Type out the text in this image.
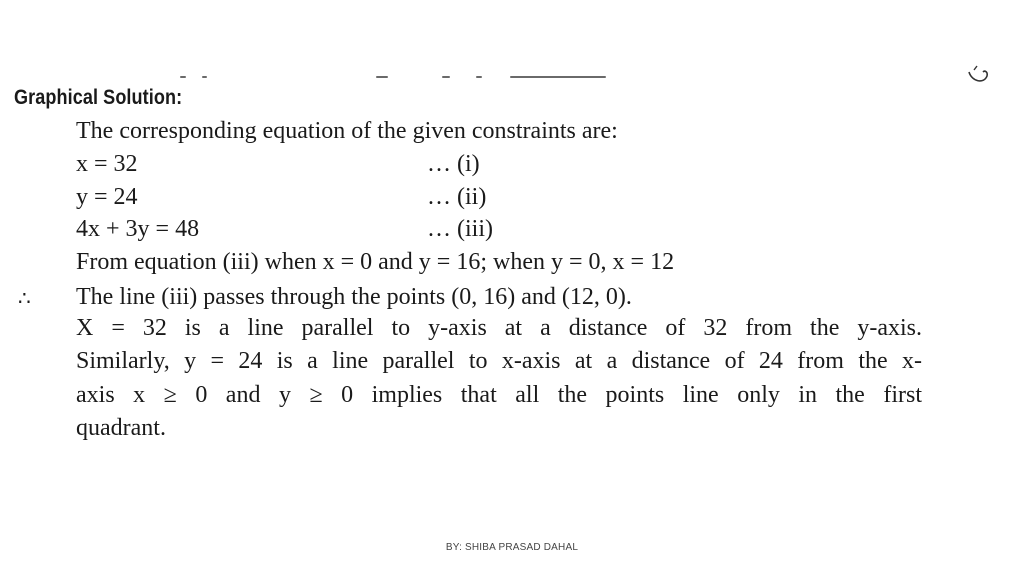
Graphical Solution:
The corresponding equation of the given constraints are:
x = 32	… (i)
y = 24	… (ii)
4x + 3y = 48	… (iii)
From equation (iii) when x = 0 and y = 16; when y = 0, x = 12
∴ The line (iii) passes through the points (0, 16) and (12, 0).
X = 32 is a line parallel to y-axis at a distance of 32 from the y-axis.
Similarly, y = 24 is a line parallel to x-axis at a distance of 24 from the x-
axis x ≥ 0 and y ≥ 0 implies that all the points line only in the first
quadrant.
BY: SHIBA PRASAD DAHAL
